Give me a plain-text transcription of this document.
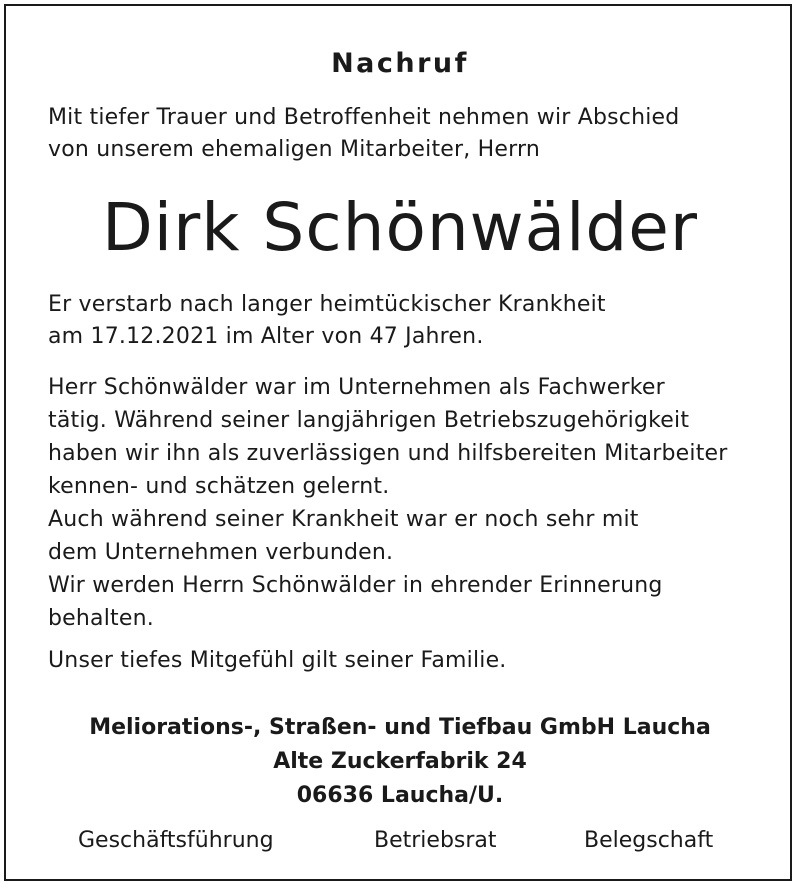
Nachruf
Mit tiefer Trauer und Betroffenheit nehmen wir Abschied
von unserem ehemaligen Mitarbeiter, Herrn
Dirk Schönwälder
Er verstarb nach langer heimtückischer Krankheit
am 17.12.2021 im Alter von 47 Jahren.
Herr Schönwälder war im Unternehmen als Fachwerker
tätig. Während seiner langjährigen Betriebszugehörigkeit
haben wir ihn als zuverlässigen und hilfsbereiten Mitarbeiter
kennen- und schätzen gelernt.
Auch während seiner Krankheit war er noch sehr mit
dem Unternehmen verbunden.
Wir werden Herrn Schönwälder in ehrender Erinnerung
behalten.
Unser tiefes Mitgefühl gilt seiner Familie.
Meliorations-, Straßen- und Tiefbau GmbH Laucha
Alte Zuckerfabrik 24
06636 Laucha/U.
Geschäftsführung	Betriebsrat	Belegschaft
